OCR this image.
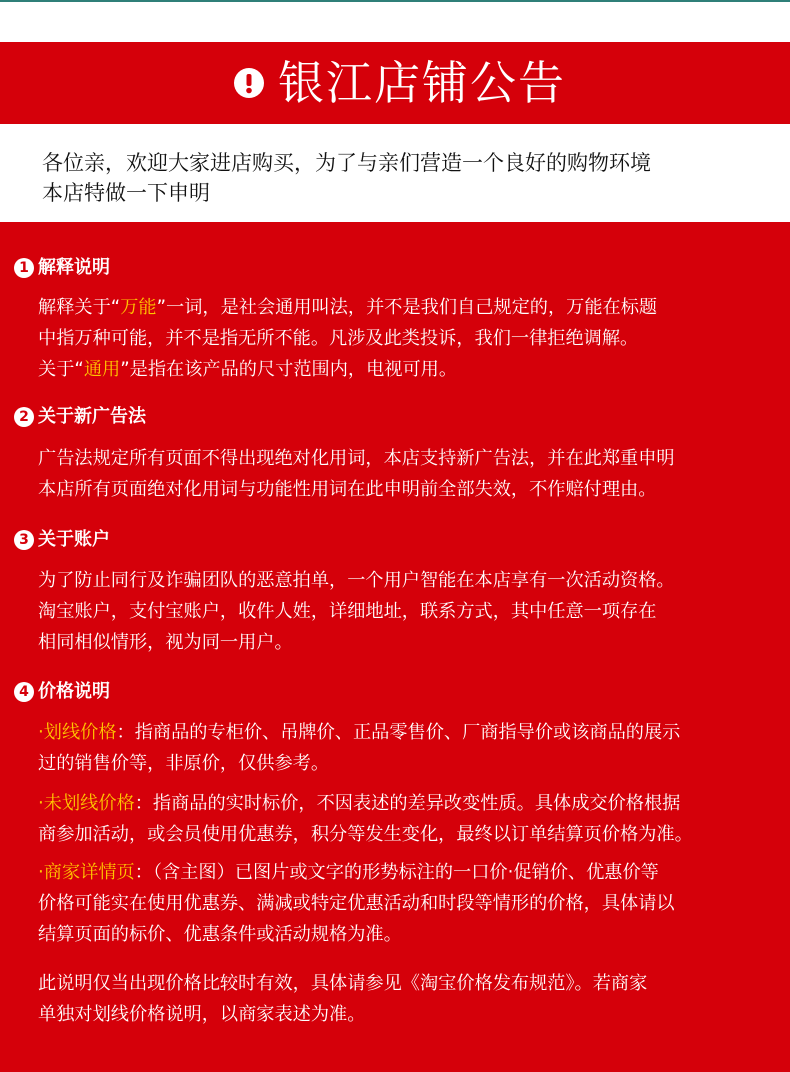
银江店铺公告
各位亲，欢迎大家进店购买，为了与亲们营造一个良好的购物环境
本店特做一下申明
1 解释说明
解释关于“万能”一词，是社会通用叫法，并不是我们自己规定的，万能在标题
中指万种可能，并不是指无所不能。凡涉及此类投诉，我们一律拒绝调解。
关于“通用”是指在该产品的尺寸范围内，电视可用。
2 关于新广告法
广告法规定所有页面不得出现绝对化用词，本店支持新广告法，并在此郑重申明
本店所有页面绝对化用词与功能性用词在此申明前全部失效，不作赔付理由。
3 关于账户
为了防止同行及诈骗团队的恶意拍单，一个用户智能在本店享有一次活动资格。
淘宝账户，支付宝账户，收件人姓，详细地址，联系方式，其中任意一项存在
相同相似情形，视为同一用户。
4 价格说明
·划线价格：指商品的专柜价、吊牌价、正品零售价、厂商指导价或该商品的展示
过的销售价等，非原价，仅供参考。
·未划线价格：指商品的实时标价，不因表述的差异改变性质。具体成交价格根据
商参加活动，或会员使用优惠券，积分等发生变化，最终以订单结算页价格为准。
·商家详情页：（含主图）已图片或文字的形势标注的一口价·促销价、优惠价等
价格可能实在使用优惠券、满减或特定优惠活动和时段等情形的价格，具体请以
结算页面的标价、优惠条件或活动规格为准。
此说明仅当出现价格比较时有效，具体请参见《淘宝价格发布规范》。若商家
单独对划线价格说明，以商家表述为准。
